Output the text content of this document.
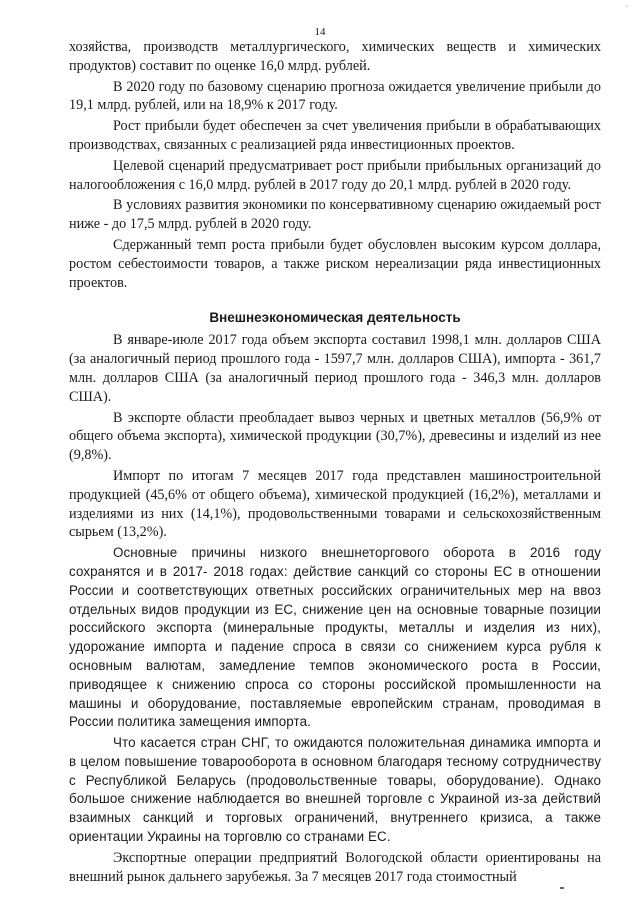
·
14

хозяйства, производств металлургического, химических веществ и химических продуктов) составит по оценке 16,0 млрд. рублей.

В 2020 году по базовому сценарию прогноза ожидается увеличение прибыли до 19,1 млрд. рублей, или на 18,9% к 2017 году.

Рост прибыли будет обеспечен за счет увеличения прибыли в обрабатывающих производствах, связанных с реализацией ряда инвестиционных проектов.

Целевой сценарий предусматривает рост прибыли прибыльных организаций до налогообложения с 16,0 млрд. рублей в 2017 году до 20,1 млрд. рублей в 2020 году.

В условиях развития экономики по консервативному сценарию ожидаемый рост ниже - до 17,5 млрд. рублей в 2020 году.

Сдержанный темп роста прибыли будет обусловлен высоким курсом доллара, ростом себестоимости товаров, а также риском нереализации ряда инвестиционных проектов.

Внешнеэкономическая деятельность

В январе-июле 2017 года объем экспорта составил 1998,1 млн. долларов США (за аналогичный период прошлого года - 1597,7 млн. долларов США), импорта - 361,7 млн. долларов США (за аналогичный период прошлого года - 346,3 млн. долларов США).

В экспорте области преобладает вывоз черных и цветных металлов (56,9% от общего объема экспорта), химической продукции (30,7%), древесины и изделий из нее (9,8%).

Импорт по итогам 7 месяцев 2017 года представлен машиностроительной продукцией (45,6% от общего объема), химической продукцией (16,2%), металлами и изделиями из них (14,1%), продовольственными товарами и сельскохозяйственным сырьем (13,2%).

Основные причины низкого внешнеторгового оборота в 2016 году сохранятся и в 2017- 2018 годах: действие санкций со стороны ЕС в отношении России и соответствующих ответных российских ограничительных мер на ввоз отдельных видов продукции из ЕС, снижение цен на основные товарные позиции российского экспорта (минеральные продукты, металлы и изделия из них), удорожание импорта и падение спроса в связи со снижением курса рубля к основным валютам, замедление темпов экономического роста в России, приводящее к снижению спроса со стороны российской промышленности на машины и оборудование, поставляемые европейским странам, проводимая в России политика замещения импорта.

Что касается стран СНГ, то ожидаются положительная динамика импорта и в целом повышение товарооборота в основном благодаря тесному сотрудничеству с Республикой Беларусь (продовольственные товары, оборудование). Однако большое снижение наблюдается во внешней торговле с Украиной из-за действий взаимных санкций и торговых ограничений, внутреннего кризиса, а также ориентации Украины на торговлю со странами ЕС.

Экспортные операции предприятий Вологодской области ориентированы на внешний рынок дальнего зарубежья. За 7 месяцев 2017 года стоимостный
